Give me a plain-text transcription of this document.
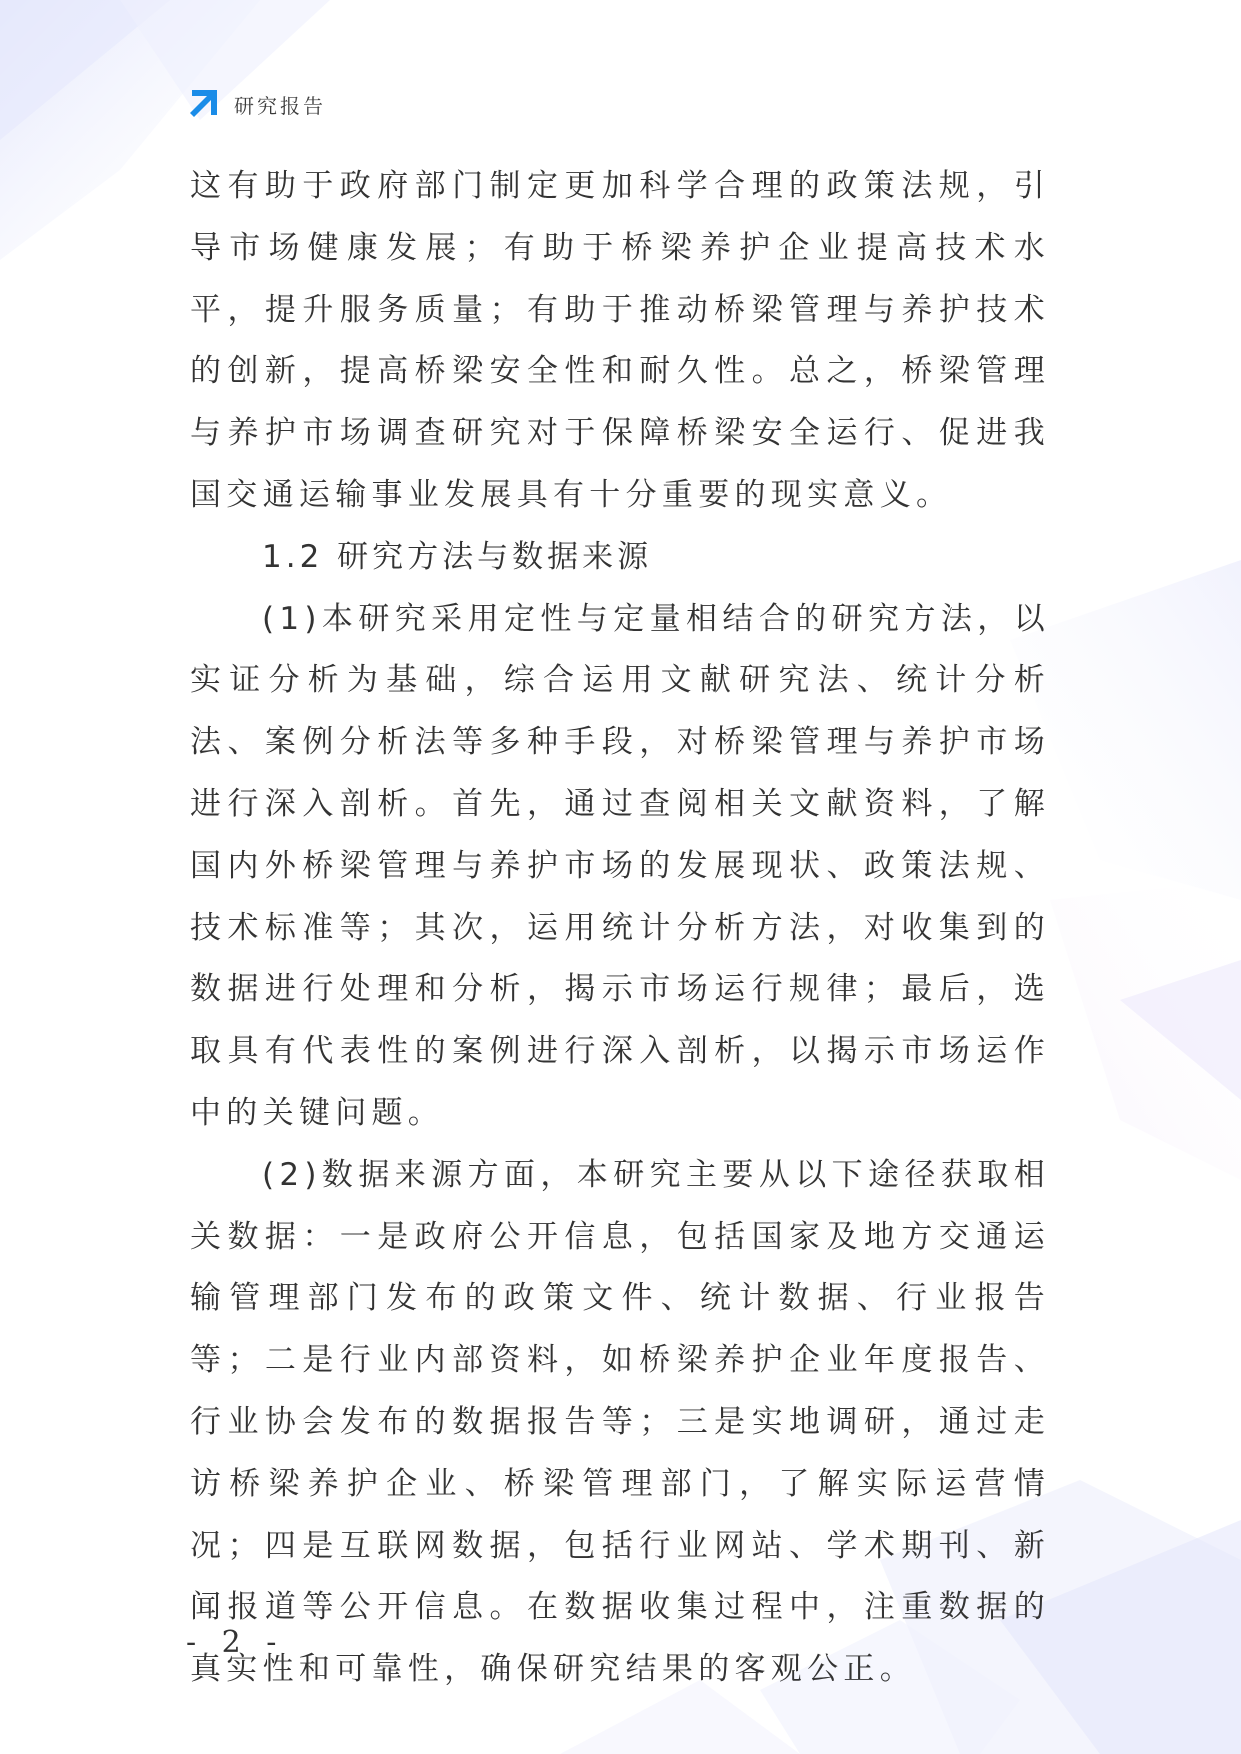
研究报告

这有助于政府部门制定更加科学合理的政策法规，引导市场健康发展；有助于桥梁养护企业提高技术水平，提升服务质量；有助于推动桥梁管理与养护技术的创新，提高桥梁安全性和耐久性。总之，桥梁管理与养护市场调查研究对于保障桥梁安全运行、促进我国交通运输事业发展具有十分重要的现实意义。

1.2 研究方法与数据来源

(1)本研究采用定性与定量相结合的研究方法，以实证分析为基础，综合运用文献研究法、统计分析法、案例分析法等多种手段，对桥梁管理与养护市场进行深入剖析。首先，通过查阅相关文献资料，了解国内外桥梁管理与养护市场的发展现状、政策法规、技术标准等；其次，运用统计分析方法，对收集到的数据进行处理和分析，揭示市场运行规律；最后，选取具有代表性的案例进行深入剖析，以揭示市场运作中的关键问题。

(2)数据来源方面，本研究主要从以下途径获取相关数据：一是政府公开信息，包括国家及地方交通运输管理部门发布的政策文件、统计数据、行业报告等；二是行业内部资料，如桥梁养护企业年度报告、行业协会发布的数据报告等；三是实地调研，通过走访桥梁养护企业、桥梁管理部门，了解实际运营情况；四是互联网数据，包括行业网站、学术期刊、新闻报道等公开信息。在数据收集过程中，注重数据的真实性和可靠性，确保研究结果的客观公正。

- 2 -
